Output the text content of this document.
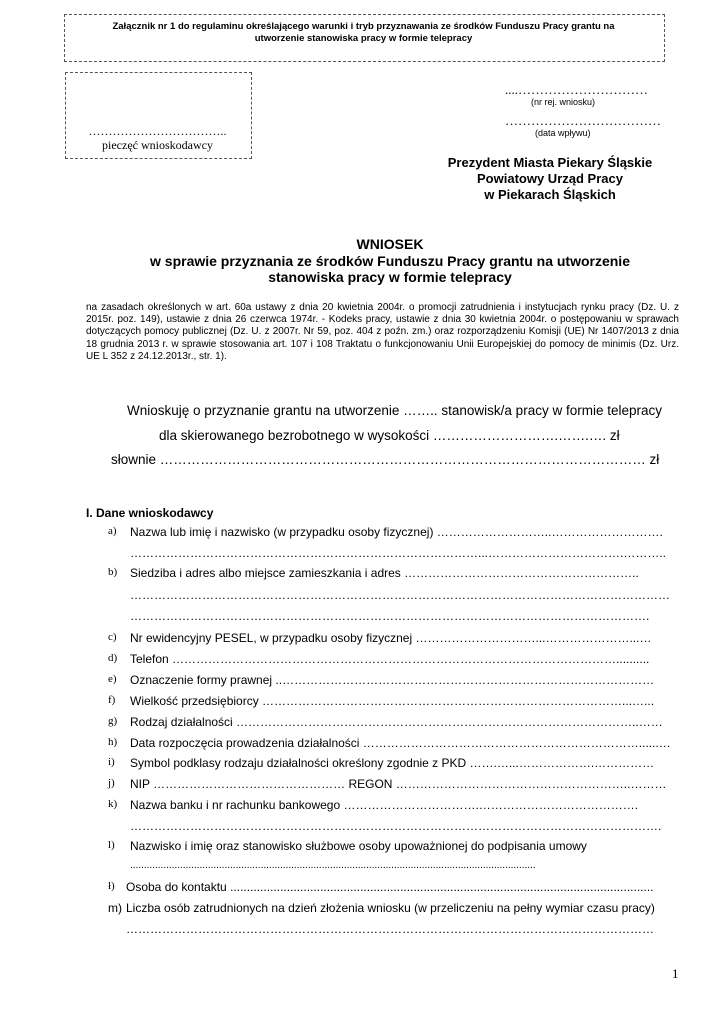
Załącznik nr 1 do regulaminu określającego warunki i tryb przyznawania ze środków Funduszu Pracy grantu na
utworzenie stanowiska pracy w formie telepracy
……………………………..
pieczęć wnioskodawcy
....…………………………
(nr rej. wniosku)
………………………………
(data wpływu)
Prezydent Miasta Piekary Śląskie
Powiatowy Urząd Pracy
w Piekarach Śląskich
WNIOSEK
w sprawie przyznania ze środków Funduszu Pracy grantu na utworzenie
stanowiska pracy w formie telepracy
na zasadach określonych w art. 60a ustawy z dnia 20 kwietnia 2004r. o promocji zatrudnienia i instytucjach rynku pracy (Dz. U. z 2015r. poz. 149), ustawie z dnia 26 czerwca 1974r. - Kodeks pracy, ustawie z dnia 30 kwietnia 2004r. o postępowaniu w sprawach dotyczących pomocy publicznej (Dz. U. z 2007r. Nr 59, poz. 404 z poźn. zm.) oraz rozporządzeniu Komisji (UE) Nr 1407/2013 z dnia 18 grudnia 2013 r. w sprawie stosowania art. 107 i 108 Traktatu o funkcjonowaniu Unii Europejskiej do pomocy de minimis (Dz. Urz. UE L 352 z 24.12.2013r., str. 1).
Wnioskuję o przyznanie grantu na utworzenie …….. stanowisk/a pracy w formie telepracy
dla skierowanego bezrobotnego w wysokości ……………………….…….…. zł
słownie ……………………………………………………………………………………………… zł
I. Dane wnioskodawcy
a) Nazwa lub imię i nazwisko (w przypadku osoby fizycznej) ………………………..……………………….
……………………………………………………………………………...…………………………….………..
b) Siedziba i adres albo miejsce zamieszkania i adres …………………………………………………..
………………………………………………………………………………………………………………………
………………………………………………………………………………………………………………….
c) Nr ewidencyjny PESEL, w przypadku osoby fizycznej …………………………...…………………...…
d) Telefon …………………………………………………………………………………………………..........
e) Oznaczenie formy prawnej ..…………………………………………………………………………………
f) Wielkość przedsiębiorcy ………………………………………………………………………………...…...
g) Rodzaj działalności ………………………………………………………………………………………..……
h) Data rozpoczęcia prowadzenia działalności ……………………………………………………………......…
i) Symbol podklasy rodzaju działalności określony zgodnie z PKD …….…...……………….……………
j) NIP ………………………………………… REGON …………………………………………………..………
k) Nazwa banku i nr rachunku bankowego …………………………….………………………………….
…………………………………………………………………………………………………………………….
l) Nazwisko i imię oraz stanowisko służbowe osoby upoważnionej do podpisania umowy
..................................................................................................................................................
ł) Osoba do kontaktu ...............................................................................................................................
m) Liczba osób zatrudnionych na dzień złożenia wniosku (w przeliczeniu na pełny wymiar czasu pracy)
……………………………………………………………………………………………………………………
1
